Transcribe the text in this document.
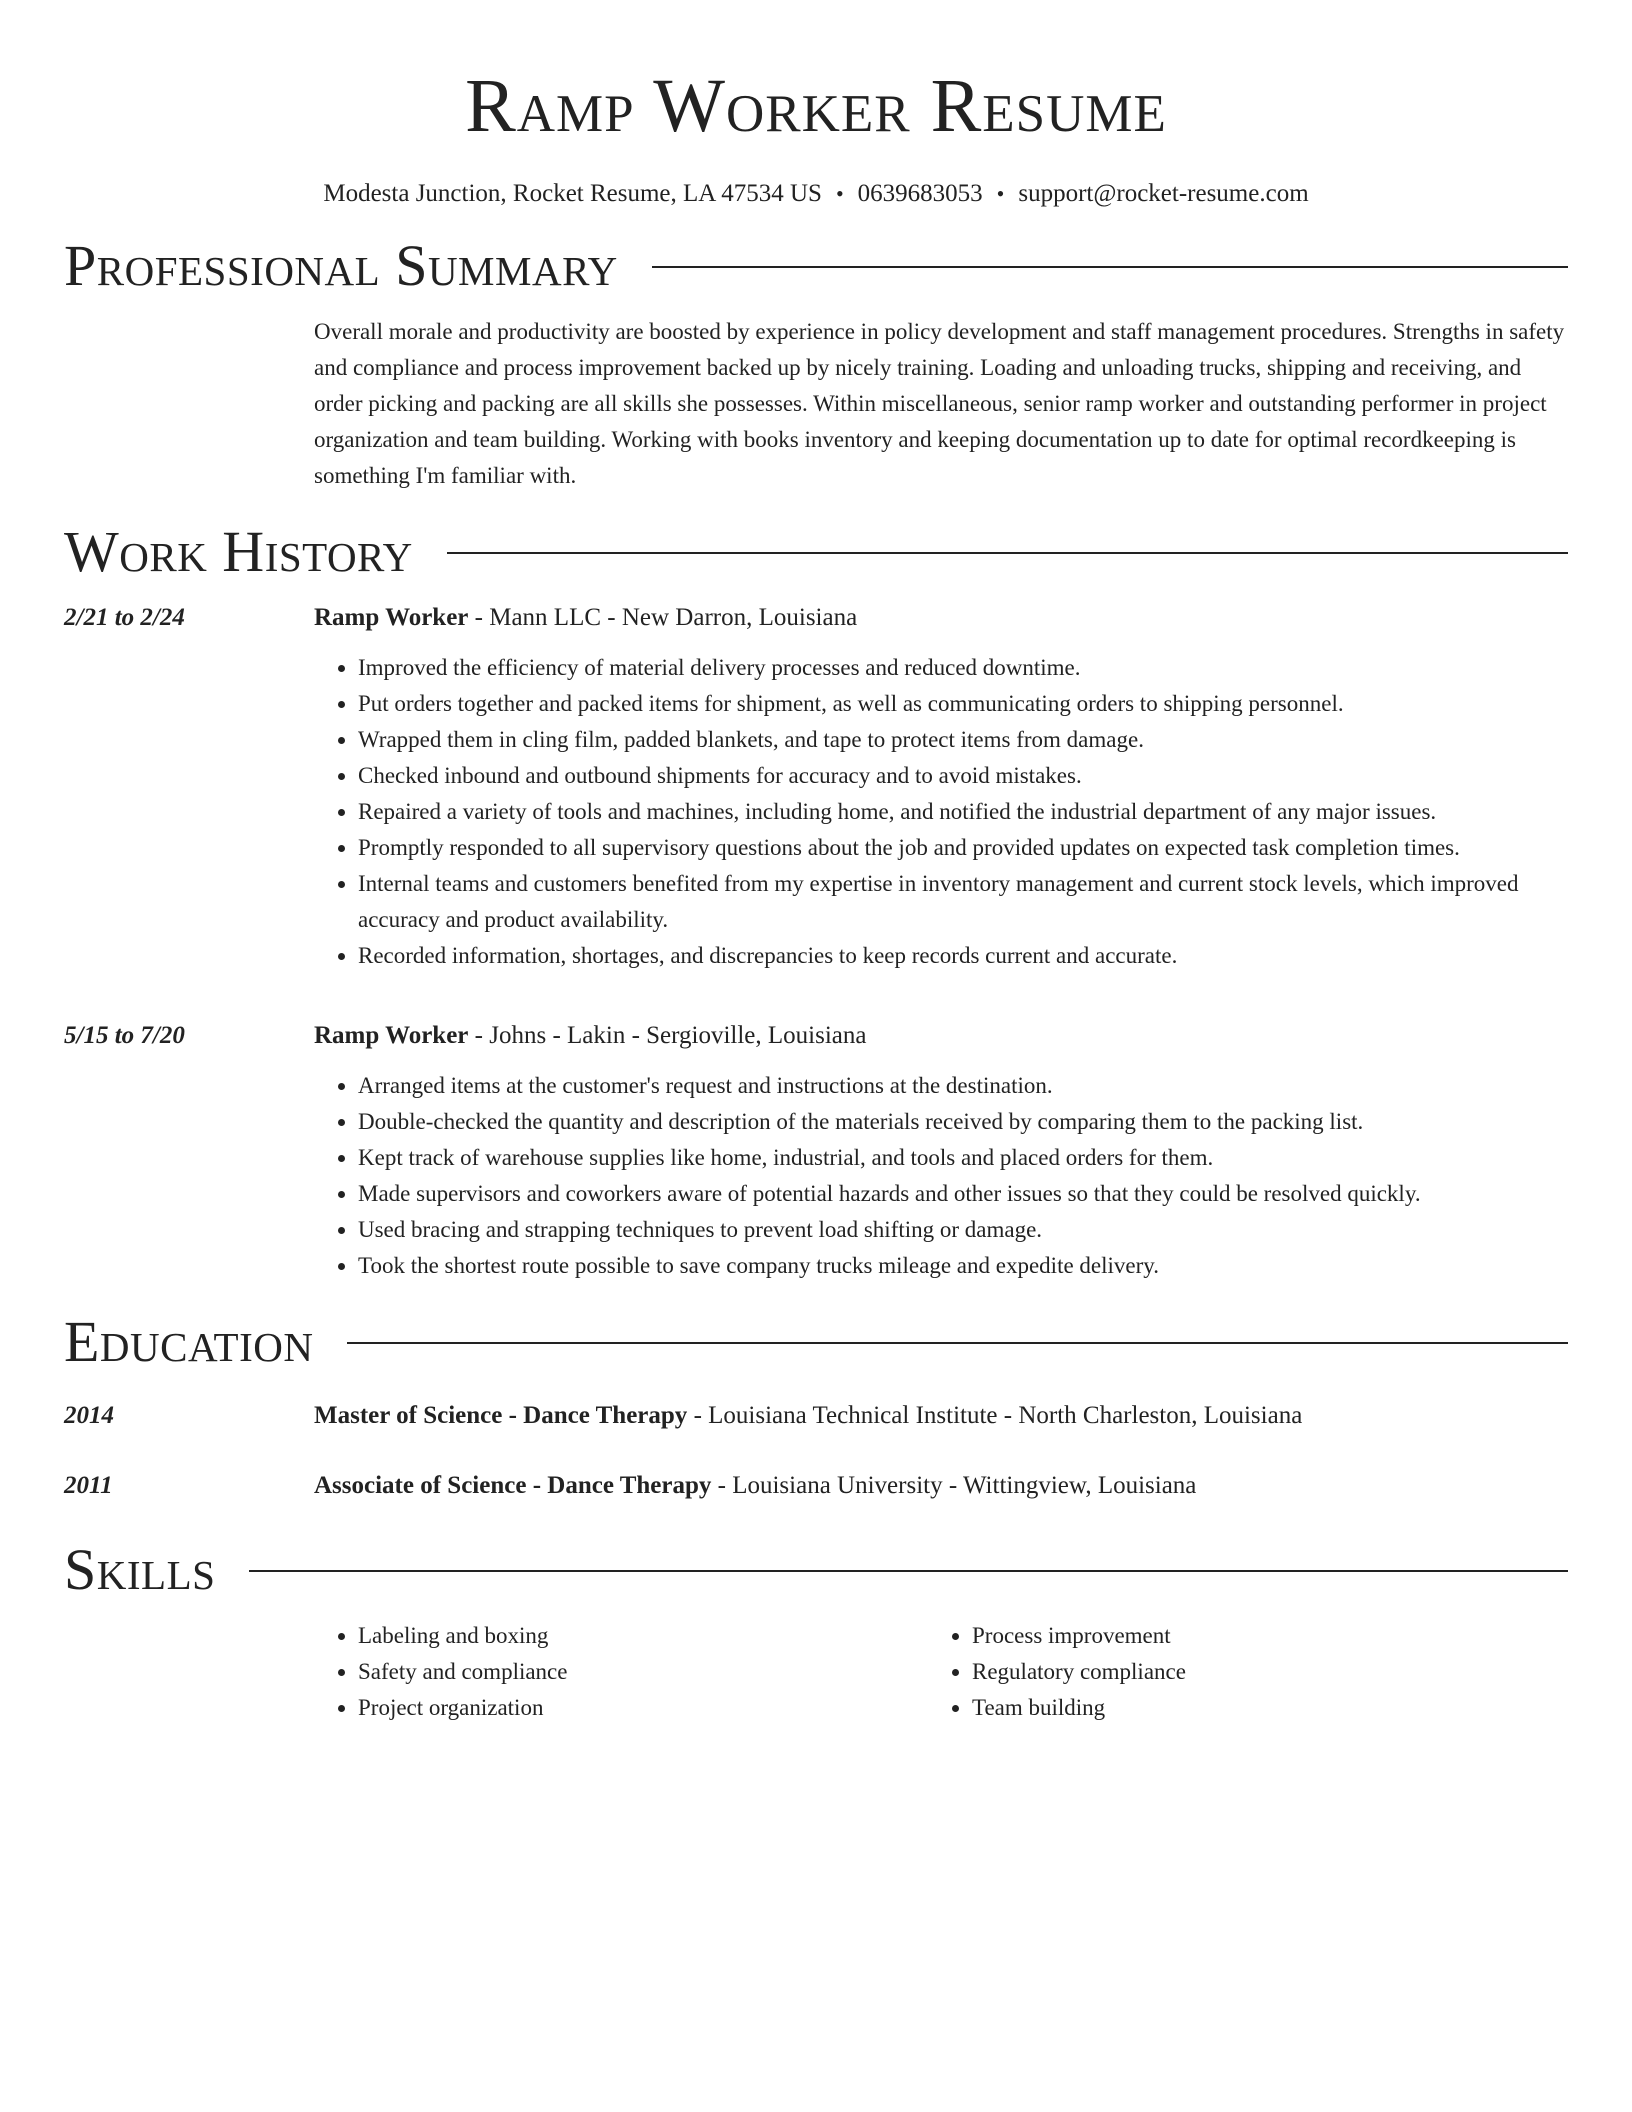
Ramp Worker Resume
Modesta Junction, Rocket Resume, LA 47534 US • 0639683053 • support@rocket-resume.com
Professional Summary

Overall morale and productivity are boosted by experience in policy development and staff management procedures. Strengths in safety and compliance and process improvement backed up by nicely training. Loading and unloading trucks, shipping and receiving, and order picking and packing are all skills she possesses. Within miscellaneous, senior ramp worker and outstanding performer in project organization and team building. Working with books inventory and keeping documentation up to date for optimal recordkeeping is something I'm familiar with.

Work History
2/21 to 2/24	Ramp Worker - Mann LLC - New Darron, Louisiana
• Improved the efficiency of material delivery processes and reduced downtime.
• Put orders together and packed items for shipment, as well as communicating orders to shipping personnel.
• Wrapped them in cling film, padded blankets, and tape to protect items from damage.
• Checked inbound and outbound shipments for accuracy and to avoid mistakes.
• Repaired a variety of tools and machines, including home, and notified the industrial department of any major issues.
• Promptly responded to all supervisory questions about the job and provided updates on expected task completion times.
• Internal teams and customers benefited from my expertise in inventory management and current stock levels, which improved accuracy and product availability.
• Recorded information, shortages, and discrepancies to keep records current and accurate.
5/15 to 7/20	Ramp Worker - Johns - Lakin - Sergioville, Louisiana
• Arranged items at the customer's request and instructions at the destination.
• Double-checked the quantity and description of the materials received by comparing them to the packing list.
• Kept track of warehouse supplies like home, industrial, and tools and placed orders for them.
• Made supervisors and coworkers aware of potential hazards and other issues so that they could be resolved quickly.
• Used bracing and strapping techniques to prevent load shifting or damage.
• Took the shortest route possible to save company trucks mileage and expedite delivery.
Education
2014	Master of Science - Dance Therapy - Louisiana Technical Institute - North Charleston, Louisiana
2011	Associate of Science - Dance Therapy - Louisiana University - Wittingview, Louisiana
Skills
• Labeling and boxing
• Safety and compliance
• Project organization
• Process improvement
• Regulatory compliance
• Team building
